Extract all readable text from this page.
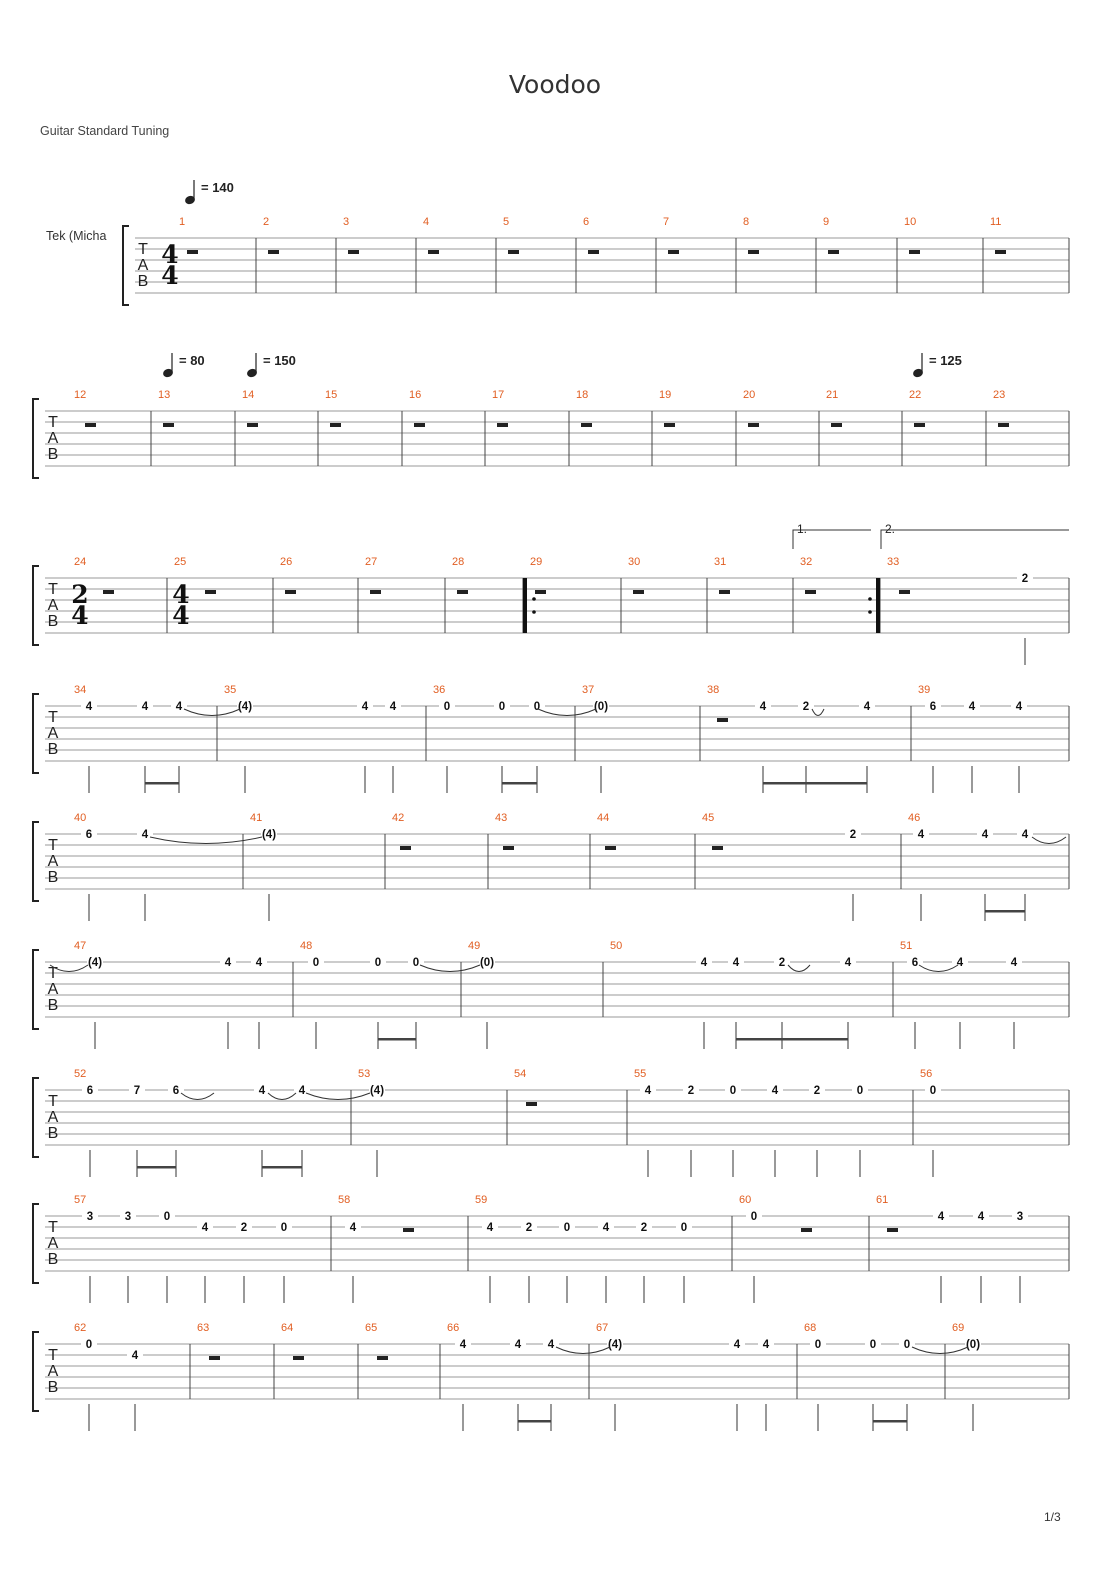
Voodoo
Guitar Standard Tuning
Tek (Micha
1/3
T
A
B
1	2	3	4	5	6	7	8	9	10	11
T
A
B
12	13	14	15	16	17	18	19	20	21	22	23
T
A
B
24	25	26	27	28	29	30	31	32	33
2
T
A
B
34
4	4 4
35
(4)	4 4
36
0	0 0
37
(0)
38
4	2	4
39
6	4	4
T
A
B
40
6	4
41
(4)
42	43	44	45
2
46
4	4	4
T
A
B
47
(4)	4 4
48
0	0	0
49
(0)
50
4 4	2	4
51
6	4	4
T
A
B
52
6	7	6	4	4
53
(4)
54	55
4	2	0	4	2	0
56
0
T
A
B
57
3	3	0
4	2	0
58
4
59
4	2	0	4	2	0
60
0
61
4	4	3
T
A
B
62
0
4
63	64	65	66
4	4 4
67
(4)	4 4
68
0	0 0
69
(0)
4
4
2
4
4
4
= 140
= 80	= 150	= 125
1.	2.
